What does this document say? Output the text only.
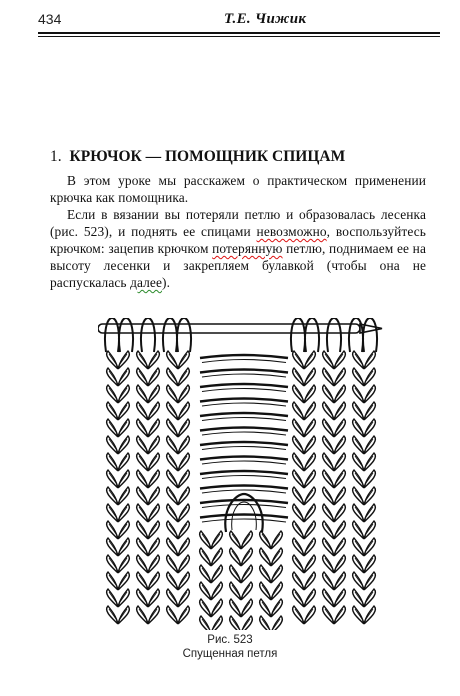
434	Т.Е. Чижик
1. КРЮЧОК — ПОМОЩНИК СПИЦАМ

В этом уроке мы расскажем о практическом применении крючка как помощника.

Если в вязании вы потеряли петлю и образовалась лесенка (рис. 523), и поднять ее спицами невозможно, воспользуйтесь крючком: зацепив крючком потерянную петлю, поднимаем ее на высоту лесенки и закрепляем булавкой (чтобы она не распускалась далее).

Рис. 523
Спущенная петля
